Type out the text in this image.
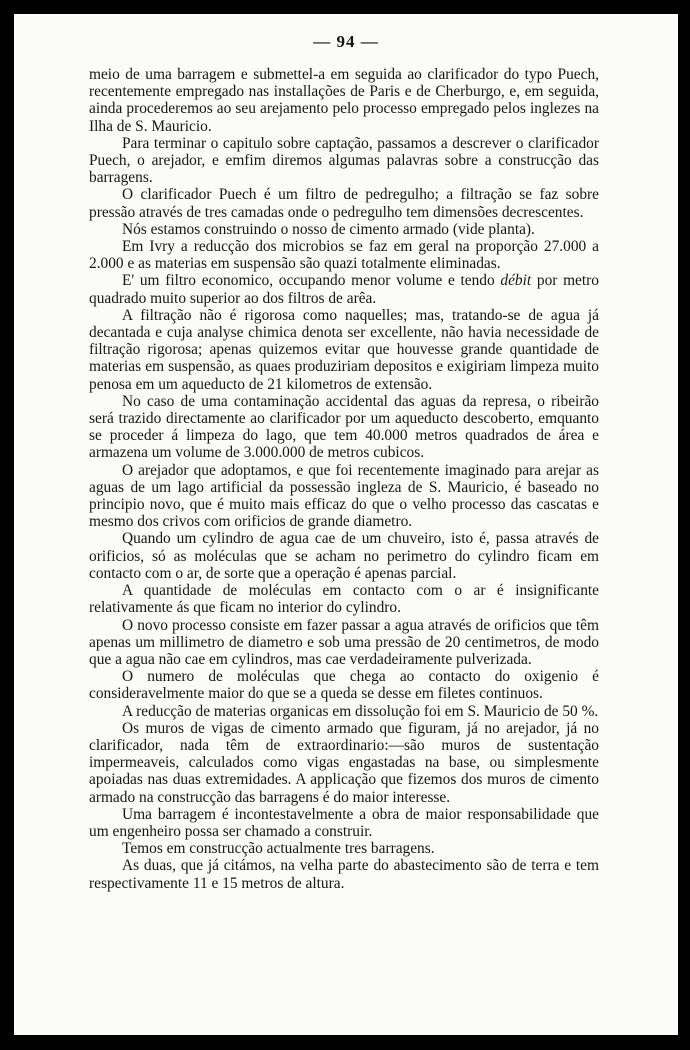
— 94 —

meio de uma barragem e submettel-a em seguida ao clarificador do typo Puech, recentemente empregado nas installações de Paris e de Cherburgo, e, em seguida, ainda procederemos ao seu arejamento pelo processo empregado pelos inglezes na Ilha de S. Mauricio.

Para terminar o capitulo sobre captação, passamos a descrever o clarificador Puech, o arejador, e emfim diremos algumas palavras sobre a construcção das barragens.

O clarificador Puech é um filtro de pedregulho; a filtração se faz sobre pressão através de tres camadas onde o pedregulho tem dimensões decrescentes.

Nós estamos construindo o nosso de cimento armado (vide planta).

Em Ivry a reducção dos microbios se faz em geral na proporção 27.000 a 2.000 e as materias em suspensão são quazi totalmente eliminadas.

E' um filtro economico, occupando menor volume e tendo débit por metro quadrado muito superior ao dos filtros de arêa.

A filtração não é rigorosa como naquelles; mas, tratando-se de agua já decantada e cuja analyse chimica denota ser excellente, não havia necessidade de filtração rigorosa; apenas quizemos evitar que houvesse grande quantidade de materias em suspensão, as quaes produziriam depositos e exigiriam limpeza muito penosa em um aqueducto de 21 kilometros de extensão.

No caso de uma contaminação accidental das aguas da represa, o ribeirão será trazido directamente ao clarificador por um aqueducto descoberto, emquanto se proceder á limpeza do lago, que tem 40.000 metros quadrados de área e armazena um volume de 3.000.000 de metros cubicos.

O arejador que adoptamos, e que foi recentemente imaginado para arejar as aguas de um lago artificial da possessão ingleza de S. Mauricio, é baseado no principio novo, que é muito mais efficaz do que o velho processo das cascatas e mesmo dos crivos com orificios de grande diametro.

Quando um cylindro de agua cae de um chuveiro, isto é, passa através de orificios, só as moléculas que se acham no perimetro do cylindro ficam em contacto com o ar, de sorte que a operação é apenas parcial.

A quantidade de moléculas em contacto com o ar é insignificante relativamente ás que ficam no interior do cylindro.

O novo processo consiste em fazer passar a agua através de orificios que têm apenas um millimetro de diametro e sob uma pressão de 20 centimetros, de modo que a agua não cae em cylindros, mas cae verdadeiramente pulverizada.

O numero de moléculas que chega ao contacto do oxigenio é consideravelmente maior do que se a queda se desse em filetes continuos.

A reducção de materias organicas em dissolução foi em S. Mauricio de 50 %.

Os muros de vigas de cimento armado que figuram, já no arejador, já no clarificador, nada têm de extraordinario:—são muros de sustentação impermeaveis, calculados como vigas engastadas na base, ou simplesmente apoiadas nas duas extremidades. A applicação que fizemos dos muros de cimento armado na construcção das barragens é do maior interesse.

Uma barragem é incontestavelmente a obra de maior responsabilidade que um engenheiro possa ser chamado a construir.

Temos em construcção actualmente tres barragens.

As duas, que já citámos, na velha parte do abastecimento são de terra e tem respectivamente 11 e 15 metros de altura.
